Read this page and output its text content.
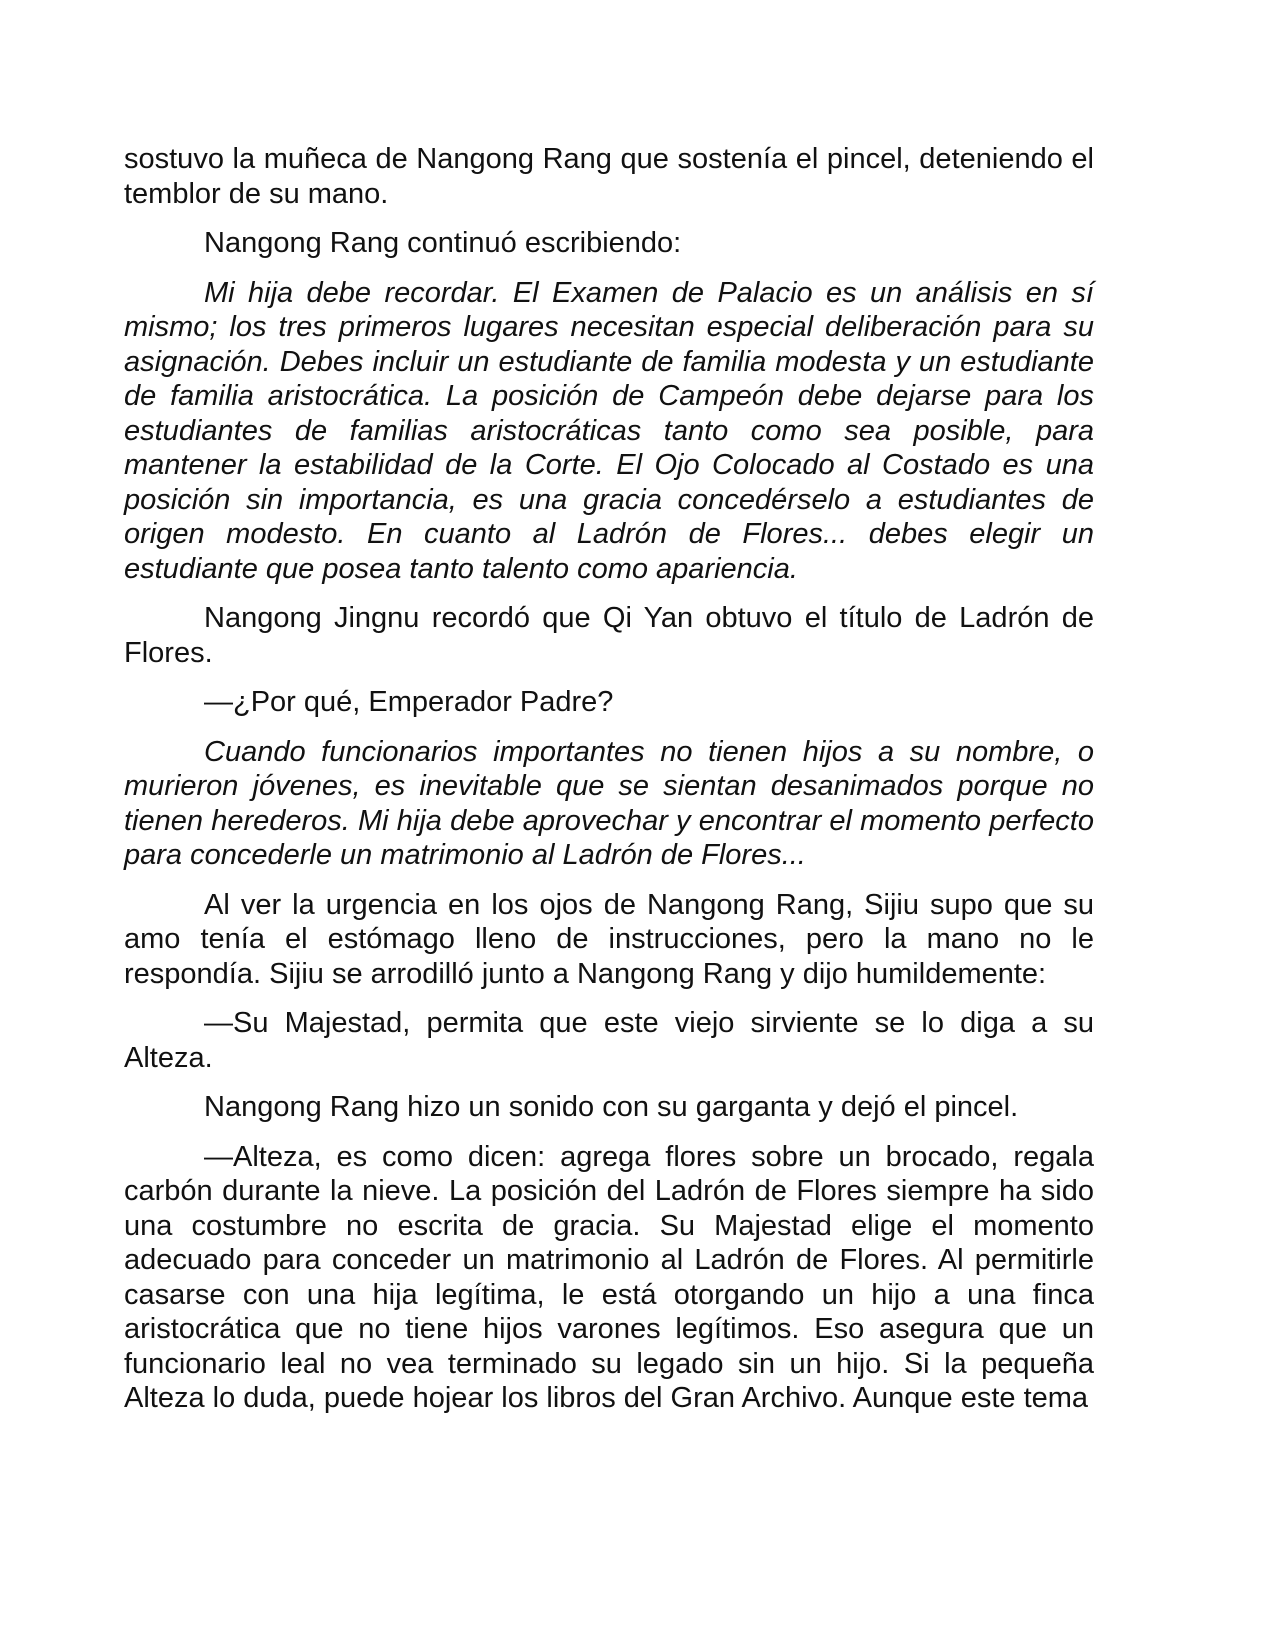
sostuvo la muñeca de Nangong Rang que sostenía el pincel, deteniendo el temblor de su mano.

Nangong Rang continuó escribiendo:

Mi hija debe recordar. El Examen de Palacio es un análisis en sí mismo; los tres primeros lugares necesitan especial deliberación para su asignación. Debes incluir un estudiante de familia modesta y un estudiante de familia aristocrática. La posición de Campeón debe dejarse para los estudiantes de familias aristocráticas tanto como sea posible, para mantener la estabilidad de la Corte. El Ojo Colocado al Costado es una posición sin importancia, es una gracia concedérselo a estudiantes de origen modesto. En cuanto al Ladrón de Flores... debes elegir un estudiante que posea tanto talento como apariencia.

Nangong Jingnu recordó que Qi Yan obtuvo el título de Ladrón de Flores.

—¿Por qué, Emperador Padre?

Cuando funcionarios importantes no tienen hijos a su nombre, o murieron jóvenes, es inevitable que se sientan desanimados porque no tienen herederos. Mi hija debe aprovechar y encontrar el momento perfecto para concederle un matrimonio al Ladrón de Flores...

Al ver la urgencia en los ojos de Nangong Rang, Sijiu supo que su amo tenía el estómago lleno de instrucciones, pero la mano no le respondía. Sijiu se arrodilló junto a Nangong Rang y dijo humildemente:

—Su Majestad, permita que este viejo sirviente se lo diga a su Alteza.

Nangong Rang hizo un sonido con su garganta y dejó el pincel.

—Alteza, es como dicen: agrega flores sobre un brocado, regala carbón durante la nieve. La posición del Ladrón de Flores siempre ha sido una costumbre no escrita de gracia. Su Majestad elige el momento adecuado para conceder un matrimonio al Ladrón de Flores. Al permitirle casarse con una hija legítima, le está otorgando un hijo a una finca aristocrática que no tiene hijos varones legítimos. Eso asegura que un funcionario leal no vea terminado su legado sin un hijo. Si la pequeña Alteza lo duda, puede hojear los libros del Gran Archivo. Aunque este tema
